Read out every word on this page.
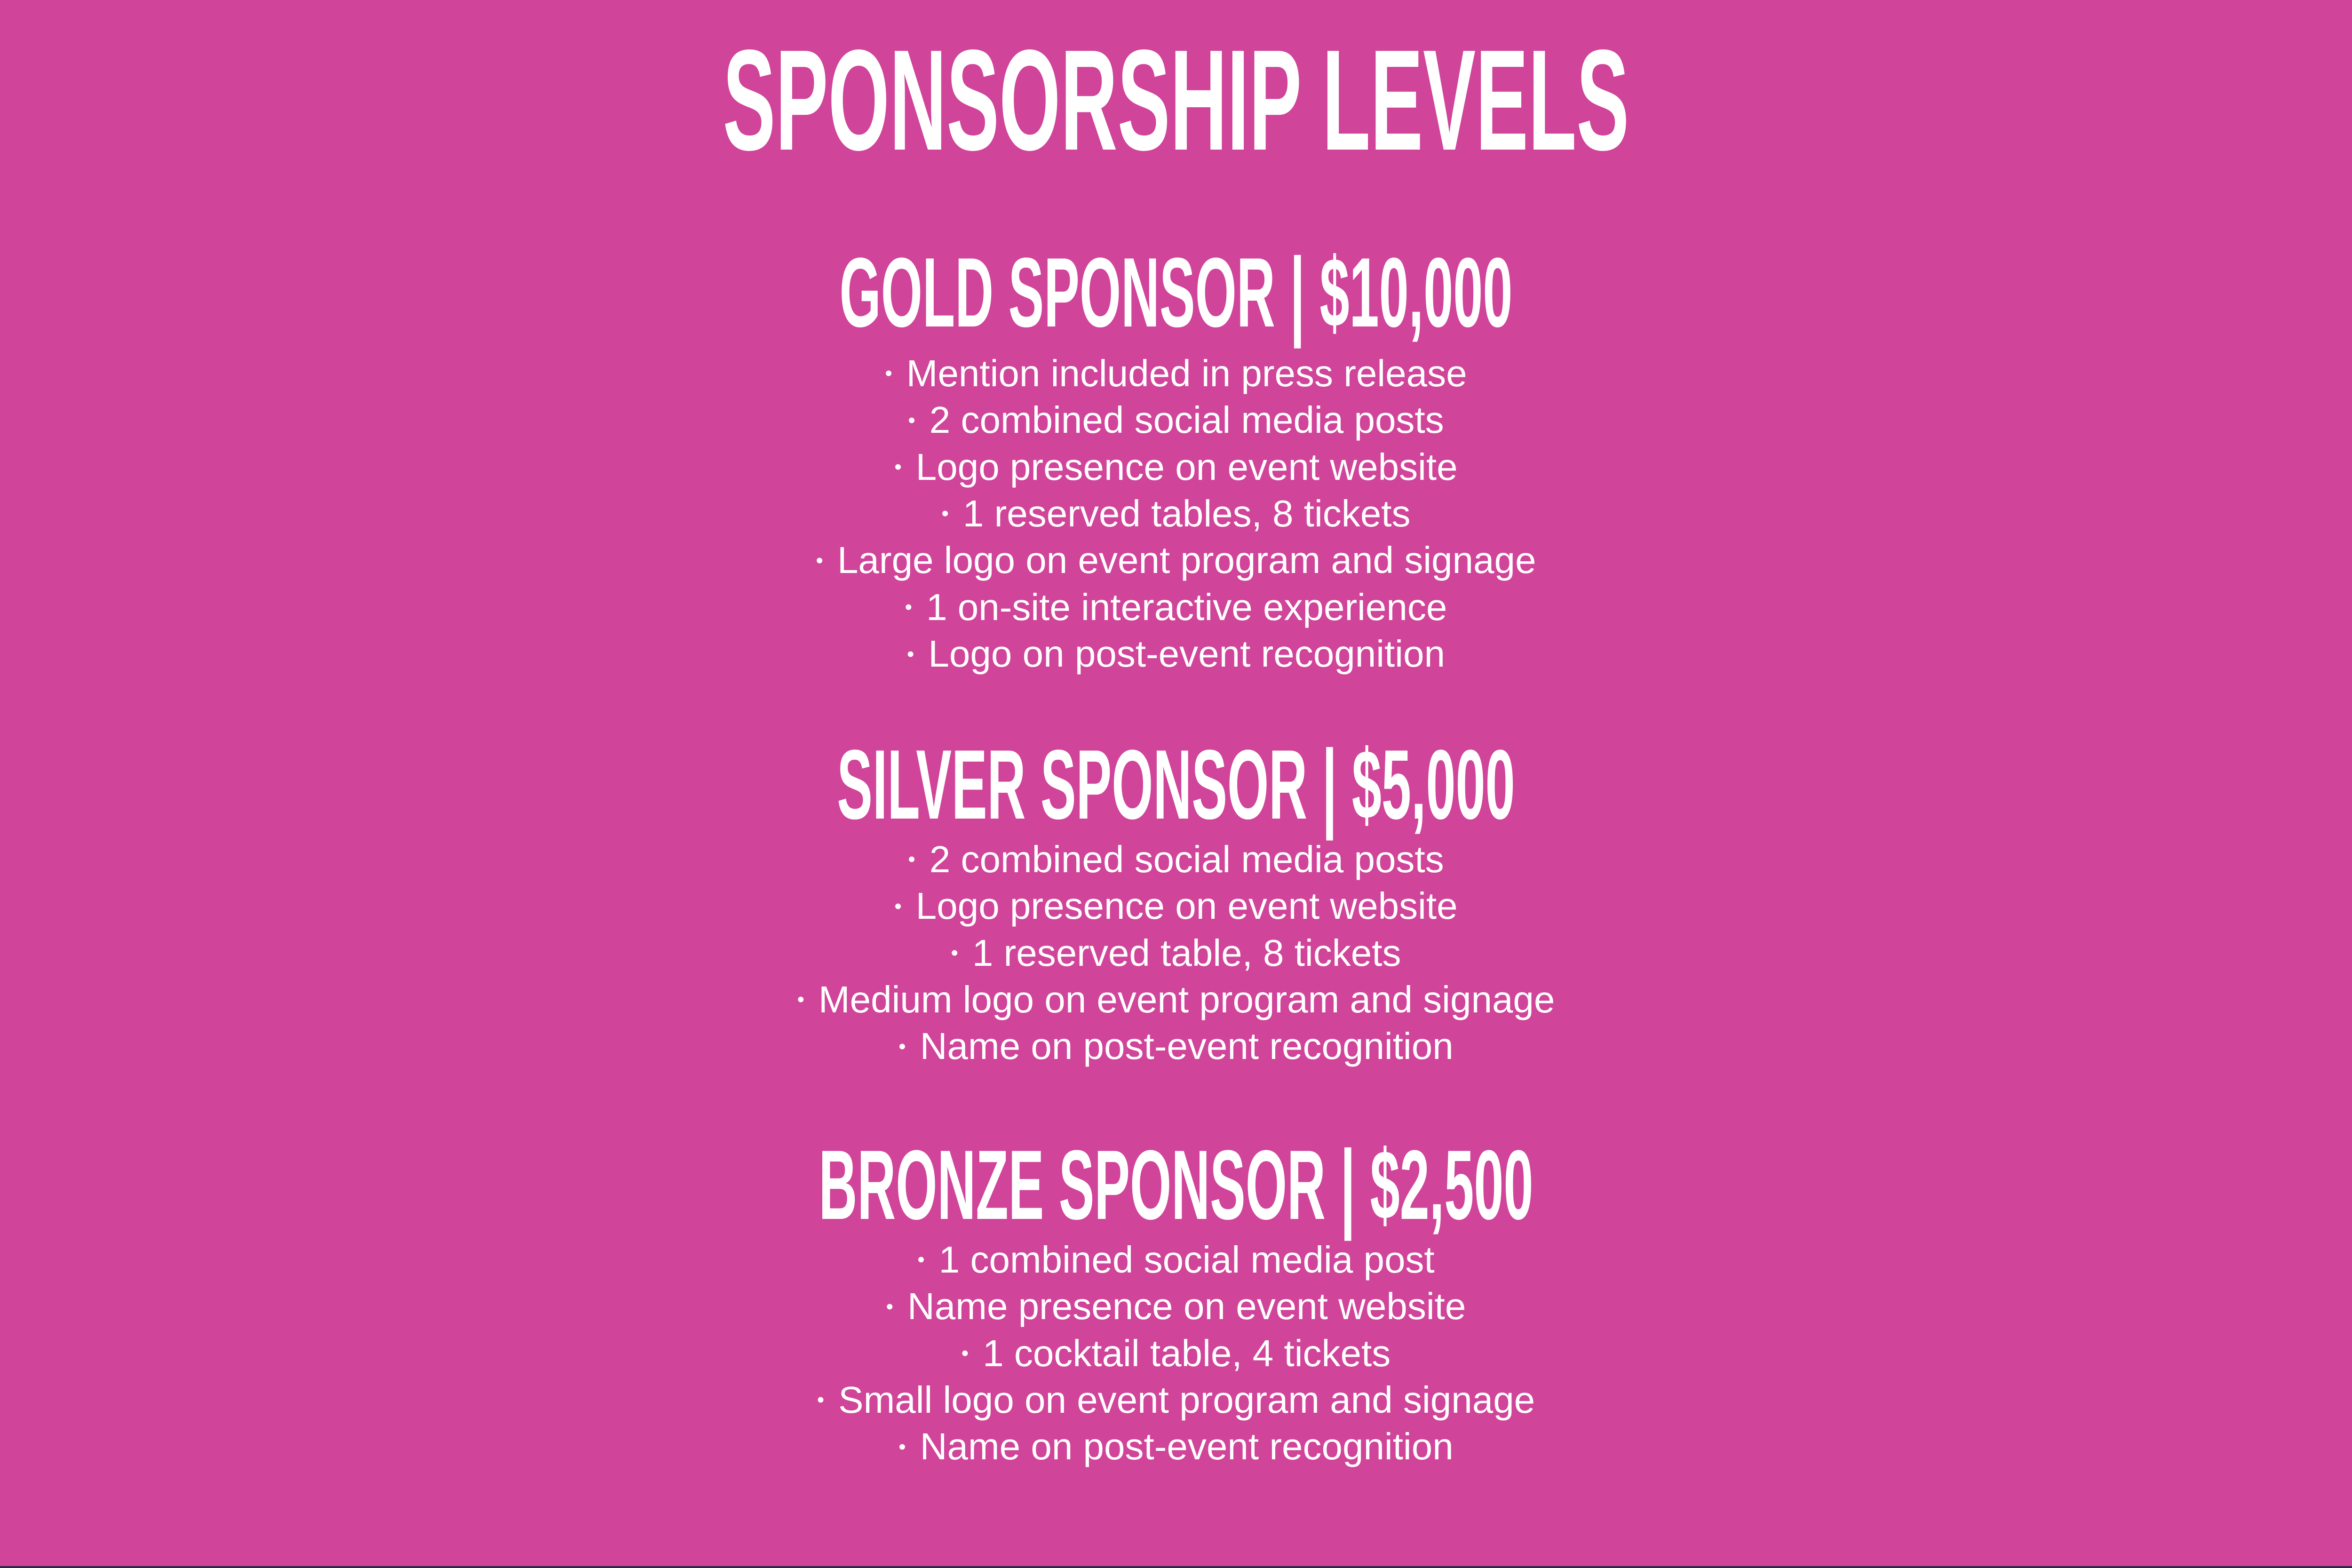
SPONSORSHIP LEVELS
GOLD SPONSOR | $10,000
• Mention included in press release
• 2 combined social media posts
• Logo presence on event website
• 1 reserved tables, 8 tickets
• Large logo on event program and signage
• 1 on-site interactive experience
• Logo on post-event recognition
SILVER SPONSOR | $5,000
• 2 combined social media posts
• Logo presence on event website
• 1 reserved table, 8 tickets
• Medium logo on event program and signage
• Name on post-event recognition
BRONZE SPONSOR | $2,500
• 1 combined social media post
• Name presence on event website
• 1 cocktail table, 4 tickets
• Small logo on event program and signage
• Name on post-event recognition
